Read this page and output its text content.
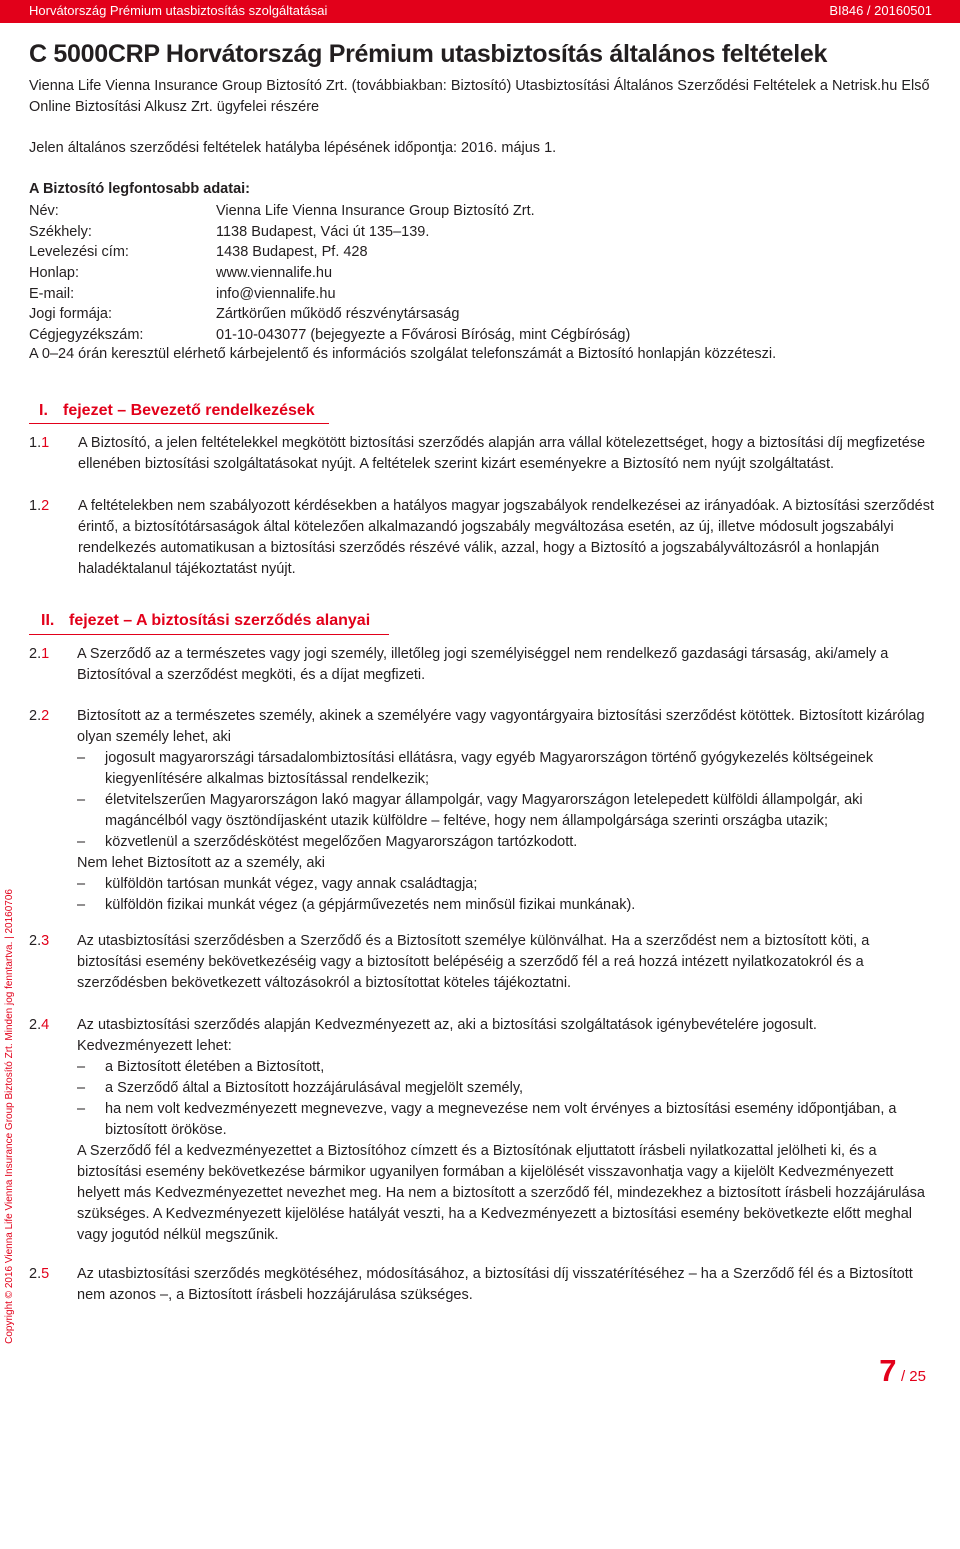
Horvátország Prémium utasbiztosítás szolgáltatásai	BI846 / 20160501
Copyright © 2016 Vienna Life Vienna Insurance Group Biztosító Zrt. Minden jog fenntartva. | 20160706
C 5000CRP Horvátország Prémium utasbiztosítás általános feltételek

Vienna Life Vienna Insurance Group Biztosító Zrt. (továbbiakban: Biztosító) Utasbiztosítási Általános Szerződési Feltételek a Netrisk.hu Első Online Biztosítási Alkusz Zrt. ügyfelei részére

Jelen általános szerződési feltételek hatályba lépésének időpontja: 2016. május 1.

A Biztosító legfontosabb adatai:

Név:	Vienna Life Vienna Insurance Group Biztosító Zrt.
Székhely:	1138 Budapest, Váci út 135–139.
Levelezési cím:	1438 Budapest, Pf. 428
Honlap:	www.viennalife.hu
E-mail:	info@viennalife.hu
Jogi formája:	Zártkörűen működő részvénytársaság
Cégjegyzékszám:	01-10-043077 (bejegyezte a Fővárosi Bíróság, mint Cégbíróság)

A 0–24 órán keresztül elérhető kárbejelentő és információs szolgálat telefonszámát a Biztosító honlapján közzéteszi.

I. fejezet – Bevezető rendelkezések
1.1	A Biztosító, a jelen feltételekkel megkötött biztosítási szerződés alapján arra vállal kötelezettséget, hogy a biztosítási díj megfizetése ellenében biztosítási szolgáltatásokat nyújt. A feltételek szerint kizárt eseményekre a Biztosító nem nyújt szolgáltatást.
1.2	A feltételekben nem szabályozott kérdésekben a hatályos magyar jogszabályok rendelkezései az irányadóak. A biztosítási szerződést érintő, a biztosítótársaságok által kötelezően alkalmazandó jogszabály megváltozása esetén, az új, illetve módosult jogszabályi rendelkezés automatikusan a biztosítási szerződés részévé válik, azzal, hogy a Biztosító a jogszabályváltozásról a honlapján haladéktalanul tájékoztatást nyújt.
II. fejezet – A biztosítási szerződés alanyai
2.1	A Szerződő az a természetes vagy jogi személy, illetőleg jogi személyiséggel nem rendelkező gazdasági társaság, aki/amely a Biztosítóval a szerződést megköti, és a díjat megfizeti.
2.2 Biztosított az a természetes személy, akinek a személyére vagy vagyontárgyaira biztosítási szerződést kötöttek. Biztosított kizárólag olyan személy lehet, aki

– jogosult magyarországi társadalombiztosítási ellátásra, vagy egyéb Magyarországon történő gyógykezelés költségeinek kiegyenlítésére alkalmas biztosítással rendelkezik;

– életvitelszerűen Magyarországon lakó magyar állampolgár, vagy Magyarországon letelepedett külföldi állampolgár, aki magáncélból vagy ösztöndíjasként utazik külföldre – feltéve, hogy nem állampolgársága szerinti országba utazik;

– közvetlenül a szerződéskötést megelőzően Magyarországon tartózkodott.

Nem lehet Biztosított az a személy, aki

– külföldön tartósan munkát végez, vagy annak családtagja;

– külföldön fizikai munkát végez (a gépjárművezetés nem minősül fizikai munkának).

2.3	Az utasbiztosítási szerződésben a Szerződő és a Biztosított személye különválhat. Ha a szerződést nem a biztosított köti, a biztosítási esemény bekövetkezéséig vagy a biztosított belépéséig a szerződő fél a reá hozzá intézett nyilatkozatokról és a szerződésben bekövetkezett változásokról a biztosítottat köteles tájékoztatni.
2.4 Az utasbiztosítási szerződés alapján Kedvezményezett az, aki a biztosítási szolgáltatások igénybevételére jogosult.

Kedvezményezett lehet:

– a Biztosított életében a Biztosított,

– a Szerződő által a Biztosított hozzájárulásával megjelölt személy,

– ha nem volt kedvezményezett megnevezve, vagy a megnevezése nem volt érvényes a biztosítási esemény időpontjában, a biztosított örököse.

A Szerződő fél a kedvezményezettet a Biztosítóhoz címzett és a Biztosítónak eljuttatott írásbeli nyilatkozattal jelölheti ki, és a biztosítási esemény bekövetkezése bármikor ugyanilyen formában a kijelölését visszavonhatja vagy a kijelölt Kedvezményezett helyett más Kedvezményezettet nevezhet meg. Ha nem a biztosított a szerződő fél, mindezekhez a biztosított írásbeli hozzájárulása szükséges. A Kedvezményezett kijelölése hatályát veszti, ha a Kedvezményezett a biztosítási esemény bekövetkezte előtt meghal vagy jogutód nélkül megszűnik.

2.5	Az utasbiztosítási szerződés megkötéséhez, módosításához, a biztosítási díj visszatérítéséhez – ha a Szerződő fél és a Biztosított nem azonos –, a Biztosított írásbeli hozzájárulása szükséges.
7 / 25
